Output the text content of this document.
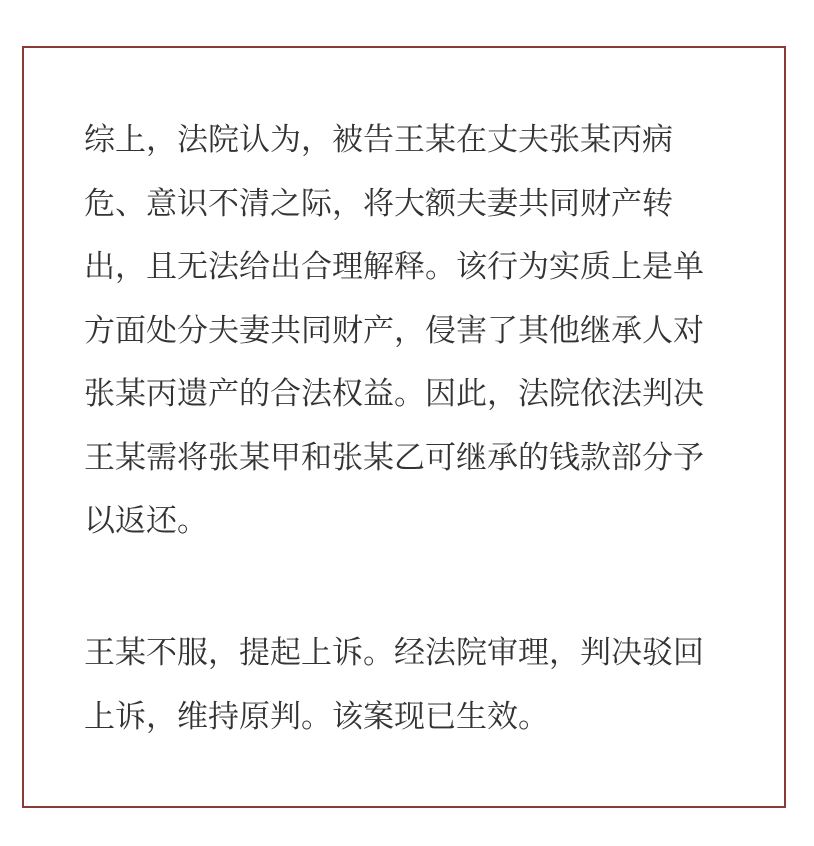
综上，法院认为，被告王某在丈夫张某丙病
危、意识不清之际，将大额夫妻共同财产转
出，且无法给出合理解释。该行为实质上是单
方面处分夫妻共同财产，侵害了其他继承人对
张某丙遗产的合法权益。因此，法院依法判决
王某需将张某甲和张某乙可继承的钱款部分予
以返还。
王某不服，提起上诉。经法院审理，判决驳回
上诉，维持原判。该案现已生效。
